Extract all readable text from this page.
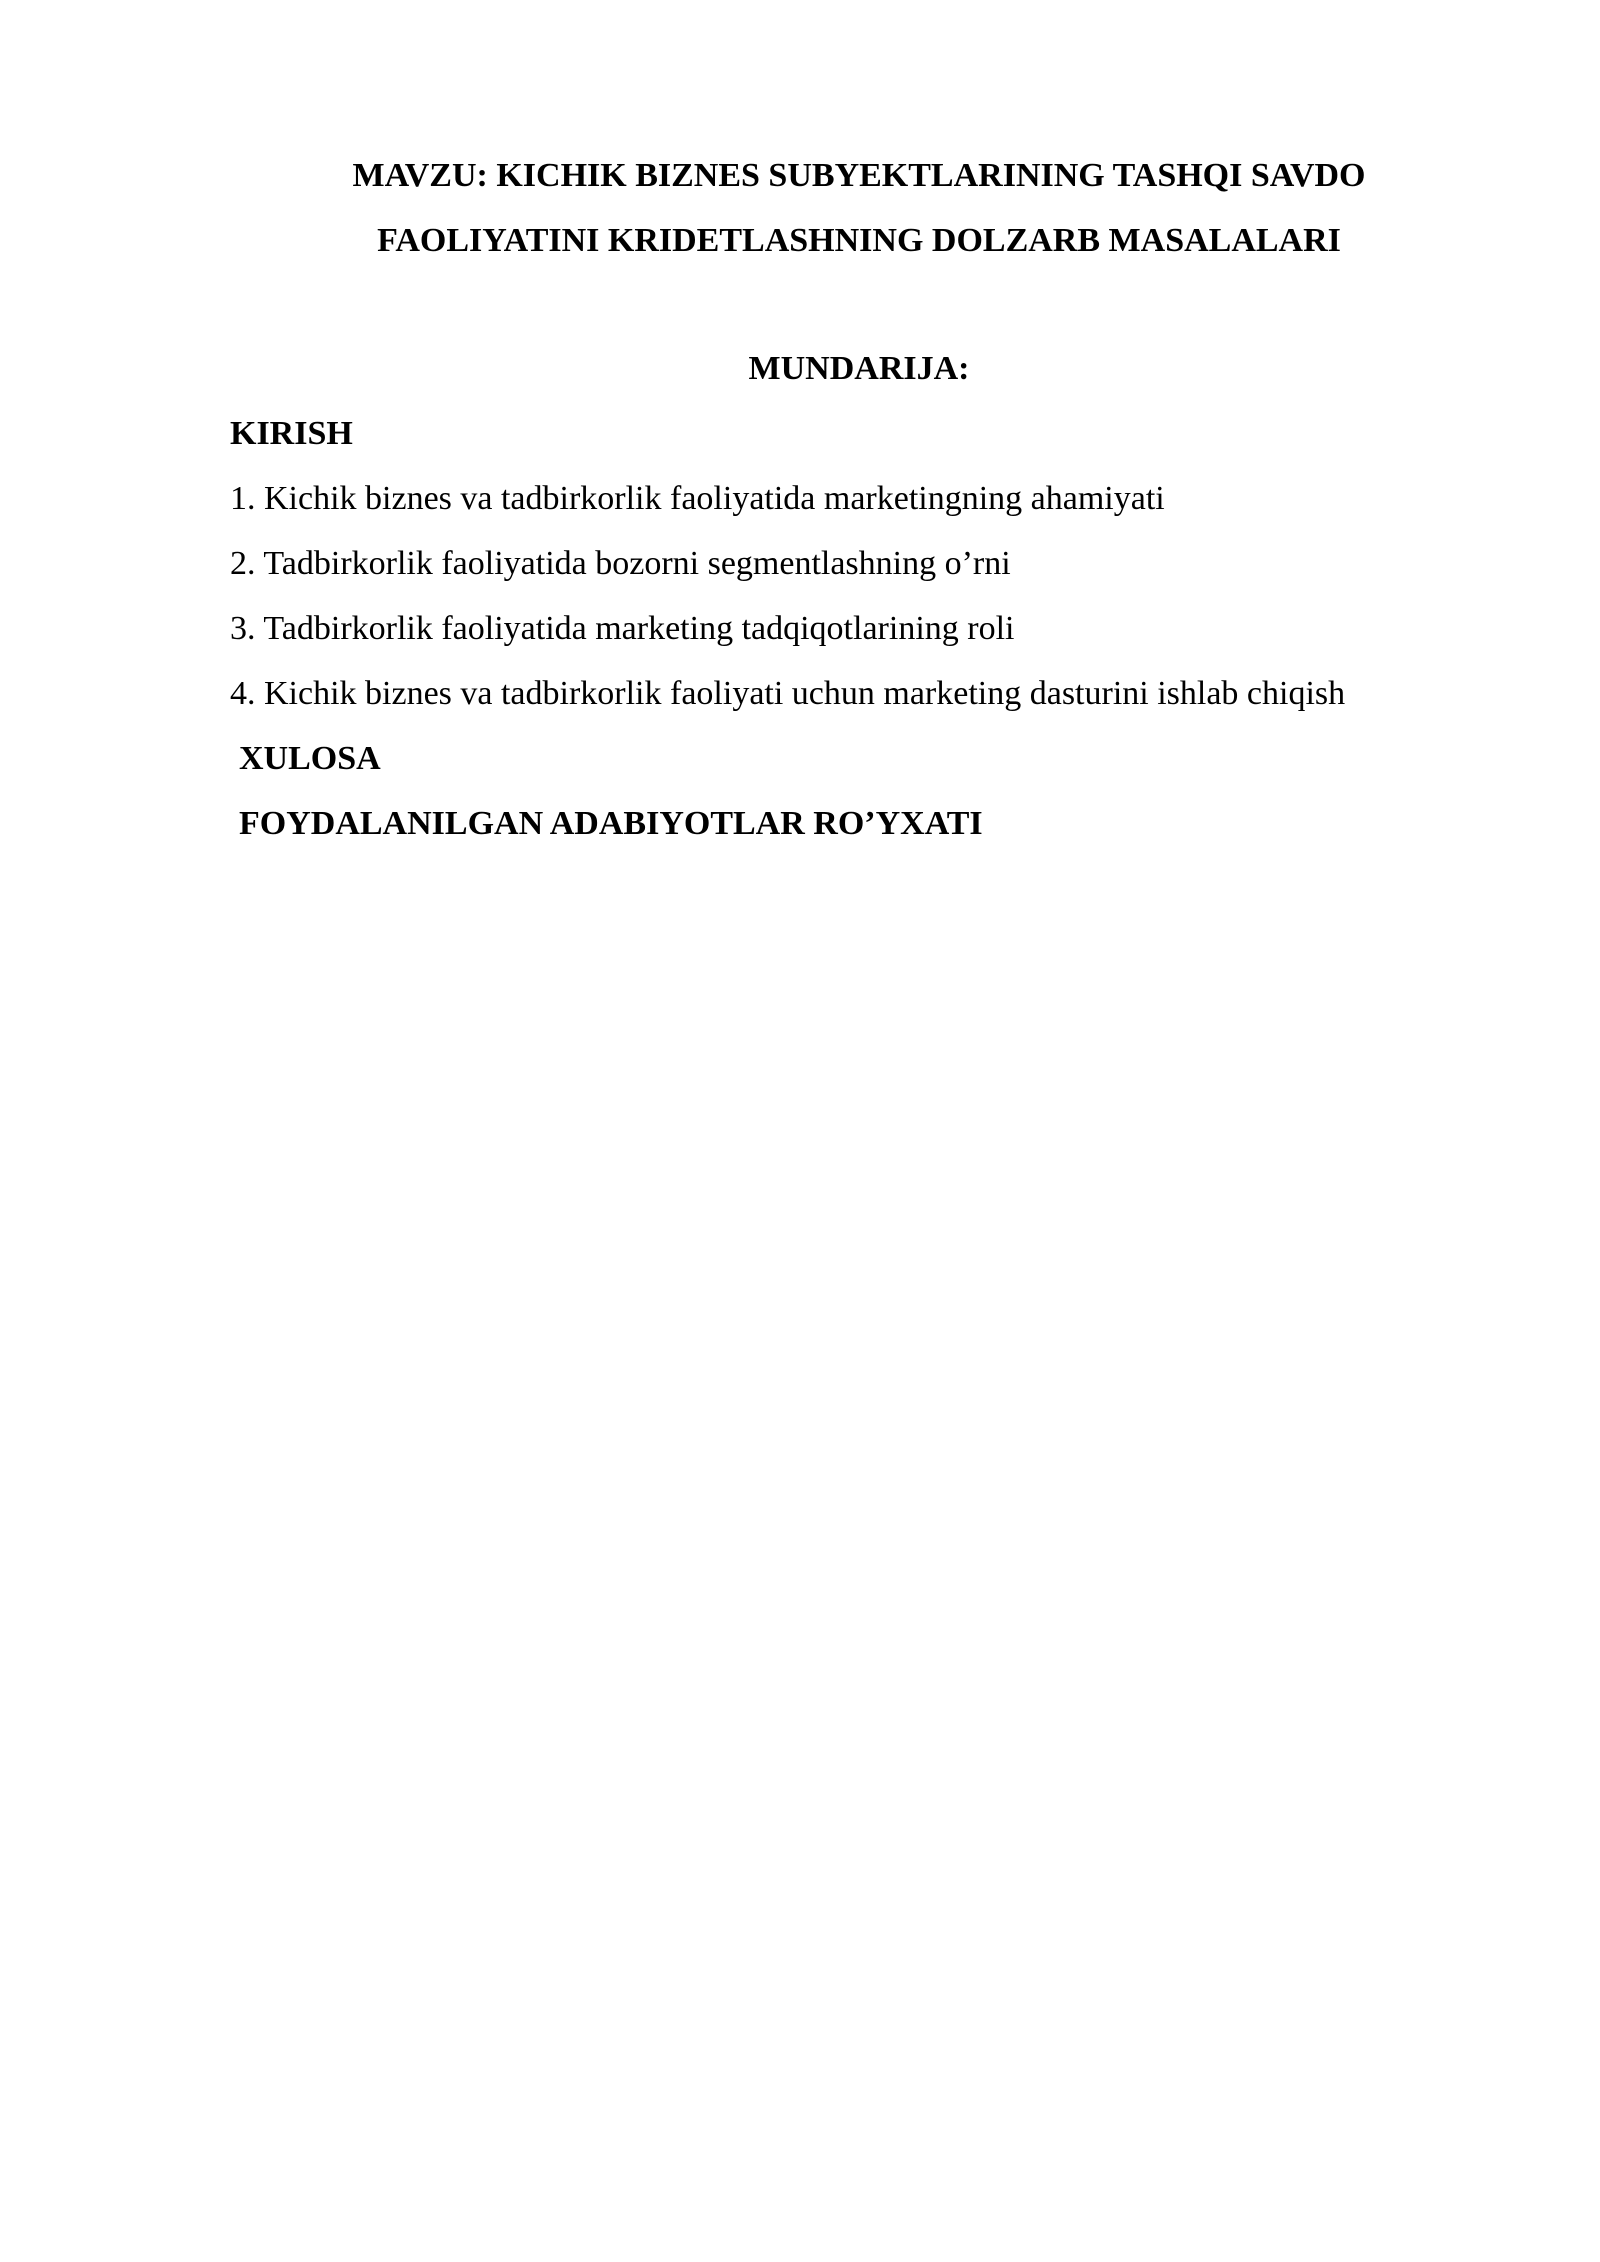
MAVZU: KICHIK BIZNES SUBYEKTLARINING TASHQI SAVDO
FAOLIYATINI KRIDETLASHNING DOLZARB MASALALARI
MUNDARIJA:
KIRISH
1. Kichik biznes va tadbirkorlik faoliyatida marketingning ahamiyati
2. Tadbirkorlik faoliyatida bozorni segmentlashning o’rni
3. Tadbirkorlik faoliyatida marketing tadqiqotlarining roli
4. Kichik biznes va tadbirkorlik faoliyati uchun marketing dasturini ishlab chiqish
XULOSA
FOYDALANILGAN ADABIYOTLAR RO’YXATI
